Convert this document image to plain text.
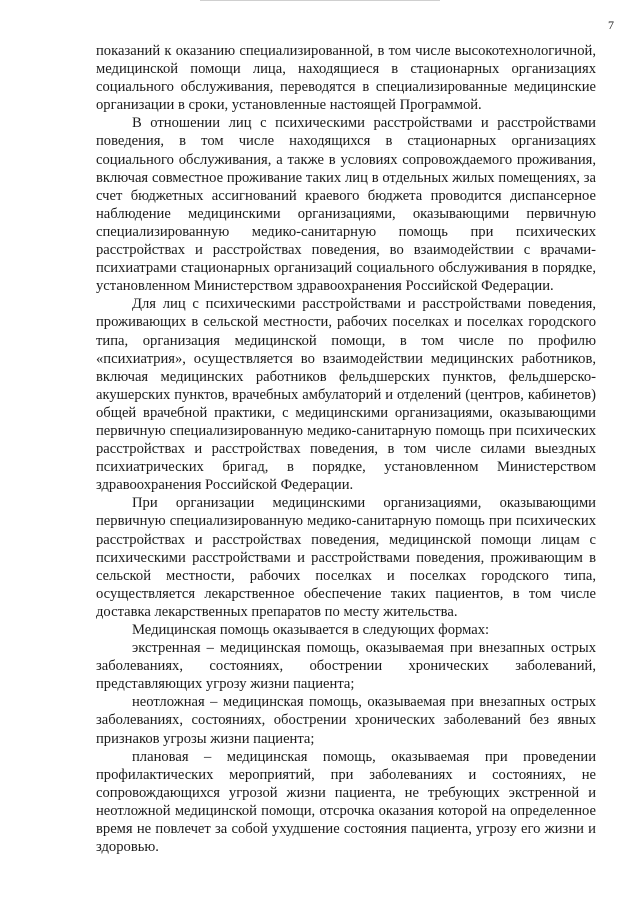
7

показаний к оказанию специализированной, в том числе высокотехнологичной, медицинской помощи лица, находящиеся в стационарных организациях социального обслуживания, переводятся в специализированные медицинские организации в сроки, установленные настоящей Программой.

В отношении лиц с психическими расстройствами и расстройствами поведения, в том числе находящихся в стационарных организациях социального обслуживания, а также в условиях сопровождаемого проживания, включая совместное проживание таких лиц в отдельных жилых помещениях, за счет бюджетных ассигнований краевого бюджета проводится диспансерное наблюдение медицинскими организациями, оказывающими первичную специализированную медико-санитарную помощь при психических расстройствах и расстройствах поведения, во взаимодействии с врачами-психиатрами стационарных организаций социального обслуживания в порядке, установленном Министерством здравоохранения Российской Федерации.

Для лиц с психическими расстройствами и расстройствами поведения, проживающих в сельской местности, рабочих поселках и поселках городского типа, организация медицинской помощи, в том числе по профилю «психиатрия», осуществляется во взаимодействии медицинских работников, включая медицинских работников фельдшерских пунктов, фельдшерско-акушерских пунктов, врачебных амбулаторий и отделений (центров, кабинетов) общей врачебной практики, с медицинскими организациями, оказывающими первичную специализированную медико-санитарную помощь при психических расстройствах и расстройствах поведения, в том числе силами выездных психиатрических бригад, в порядке, установленном Министерством здравоохранения Российской Федерации.

При организации медицинскими организациями, оказывающими первичную специализированную медико-санитарную помощь при психических расстройствах и расстройствах поведения, медицинской помощи лицам с психическими расстройствами и расстройствами поведения, проживающим в сельской местности, рабочих поселках и поселках городского типа, осуществляется лекарственное обеспечение таких пациентов, в том числе доставка лекарственных препаратов по месту жительства.

Медицинская помощь оказывается в следующих формах:

экстренная – медицинская помощь, оказываемая при внезапных острых заболеваниях, состояниях, обострении хронических заболеваний, представляющих угрозу жизни пациента;

неотложная – медицинская помощь, оказываемая при внезапных острых заболеваниях, состояниях, обострении хронических заболеваний без явных признаков угрозы жизни пациента;

плановая – медицинская помощь, оказываемая при проведении профилактических мероприятий, при заболеваниях и состояниях, не сопровождающихся угрозой жизни пациента, не требующих экстренной и неотложной медицинской помощи, отсрочка оказания которой на определенное время не повлечет за собой ухудшение состояния пациента, угрозу его жизни и здоровью.
